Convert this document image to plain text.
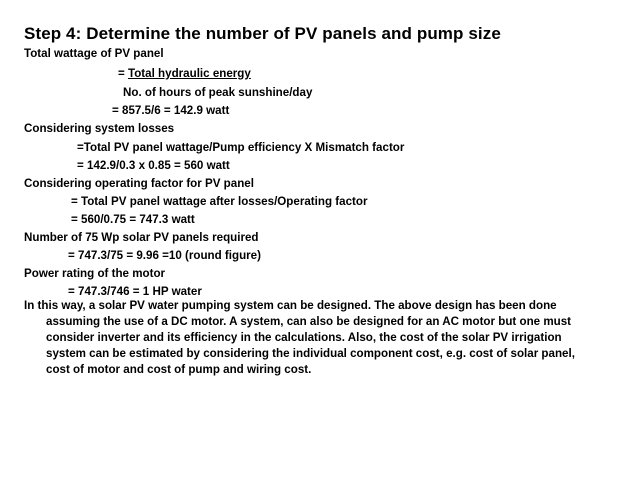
Step 4: Determine the number of PV panels and pump size
Total wattage of PV panel
= Total hydraulic energy
No. of hours of peak sunshine/day
= 857.5/6 = 142.9 watt
Considering system losses
=Total PV panel wattage/Pump efficiency X Mismatch factor
= 142.9/0.3 x 0.85 = 560 watt
Considering operating factor for PV panel
= Total PV panel wattage after losses/Operating factor
= 560/0.75 = 747.3 watt
Number of 75 Wp solar PV panels required
= 747.3/75 = 9.96 =10 (round figure)
Power rating of the motor
= 747.3/746 = 1 HP water
In this way, a solar PV water pumping system can be designed. The above design has been done
assuming the use of a DC motor. A system, can also be designed for an AC motor but one must
consider inverter and its efficiency in the calculations. Also, the cost of the solar PV irrigation
system can be estimated by considering the individual component cost, e.g. cost of solar panel,
cost of motor and cost of pump and wiring cost.
